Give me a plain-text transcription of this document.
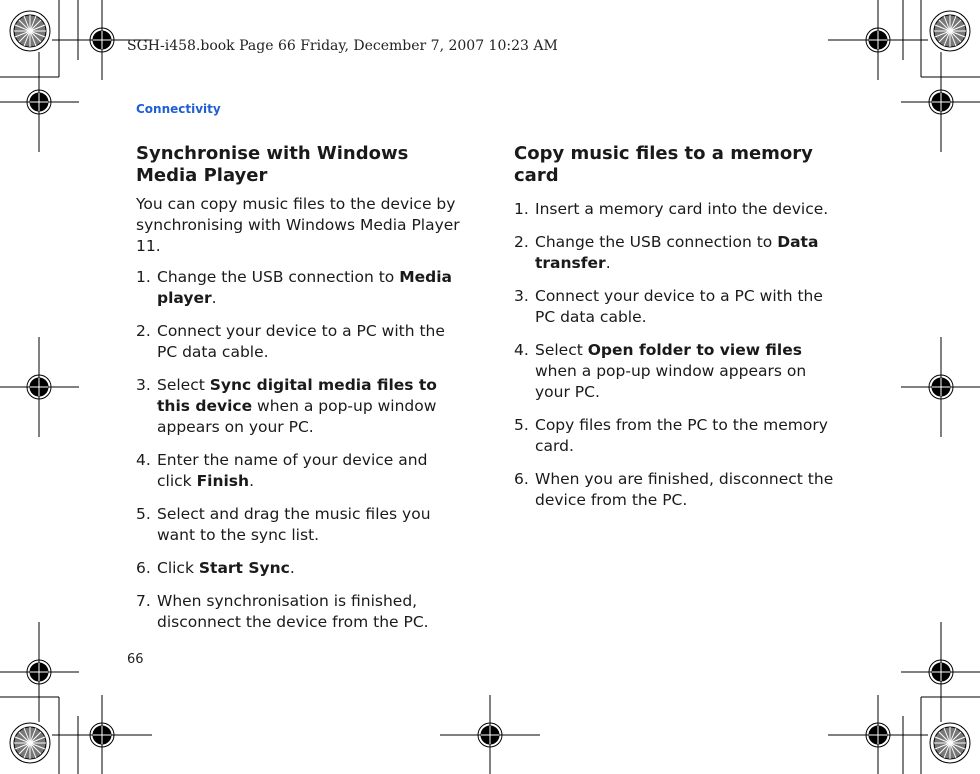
SGH-i458.book Page 66 Friday, December 7, 2007 10:23 AM
Connectivity
Synchronise with Windows Media Player

You can copy music files to the device by synchronising with Windows Media Player 11.

1. Change the USB connection to Media player.
2. Connect your device to a PC with the PC data cable.
3. Select Sync digital media files to this device when a pop-up window appears on your PC.
4. Enter the name of your device and click Finish.
5. Select and drag the music files you want to the sync list.
6. Click Start Sync.
7. When synchronisation is finished, disconnect the device from the PC.
Copy music files to a memory card
1. Insert a memory card into the device.
2. Change the USB connection to Data transfer.
3. Connect your device to a PC with the PC data cable.
4. Select Open folder to view files when a pop-up window appears on your PC.
5. Copy files from the PC to the memory card.
6. When you are finished, disconnect the device from the PC.
66
